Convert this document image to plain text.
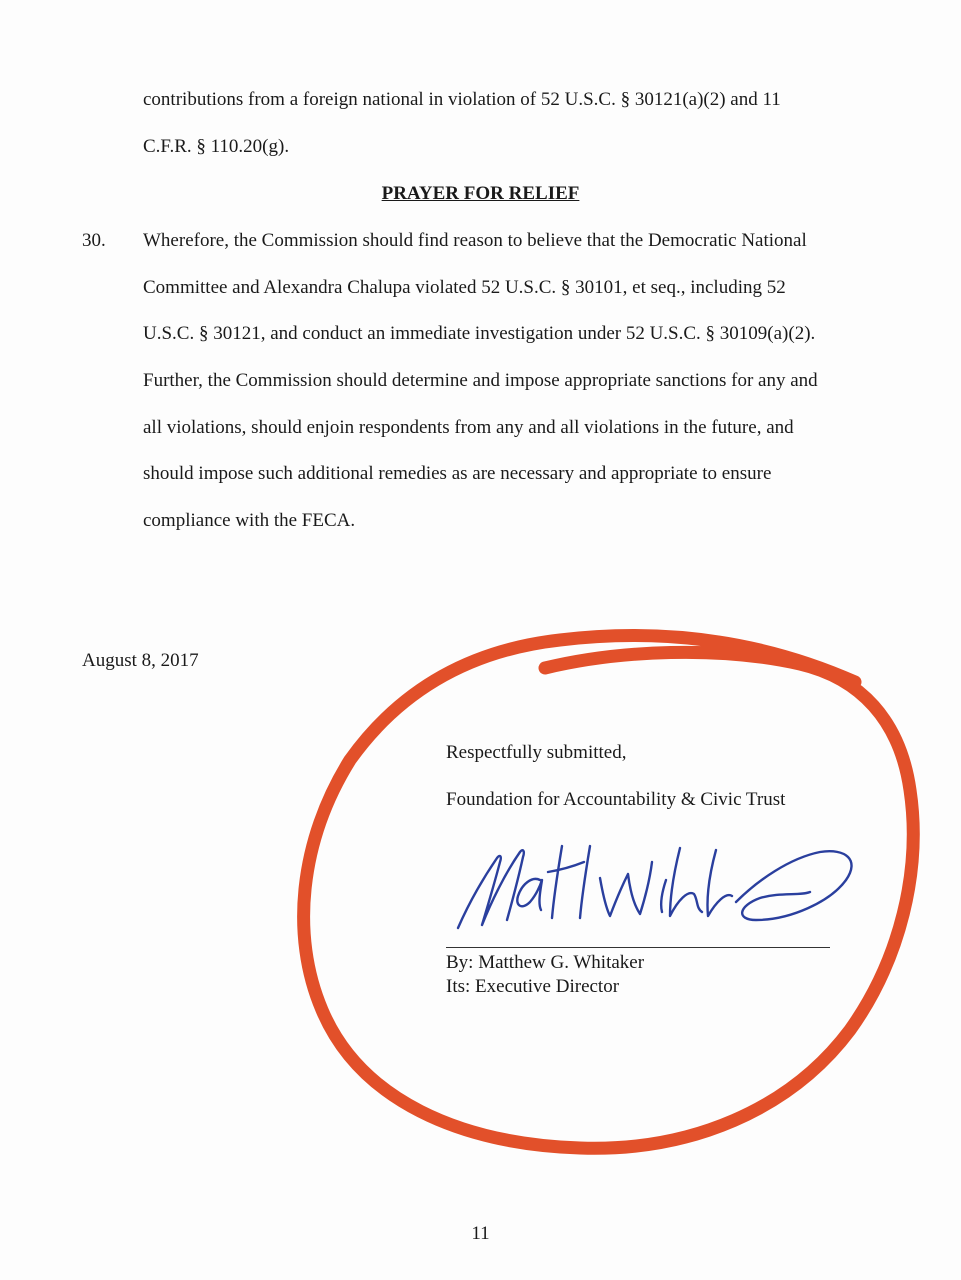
contributions from a foreign national in violation of 52 U.S.C. § 30121(a)(2) and 11
C.F.R. § 110.20(g).
PRAYER FOR RELIEF
30. Wherefore, the Commission should find reason to believe that the Democratic National
Committee and Alexandra Chalupa violated 52 U.S.C. § 30101, et seq., including 52
U.S.C. § 30121, and conduct an immediate investigation under 52 U.S.C. § 30109(a)(2).
Further, the Commission should determine and impose appropriate sanctions for any and
all violations, should enjoin respondents from any and all violations in the future, and
should impose such additional remedies as are necessary and appropriate to ensure
compliance with the FECA.
August 8, 2017
Respectfully submitted,
Foundation for Accountability & Civic Trust
By: Matthew G. Whitaker
Its: Executive Director
11
